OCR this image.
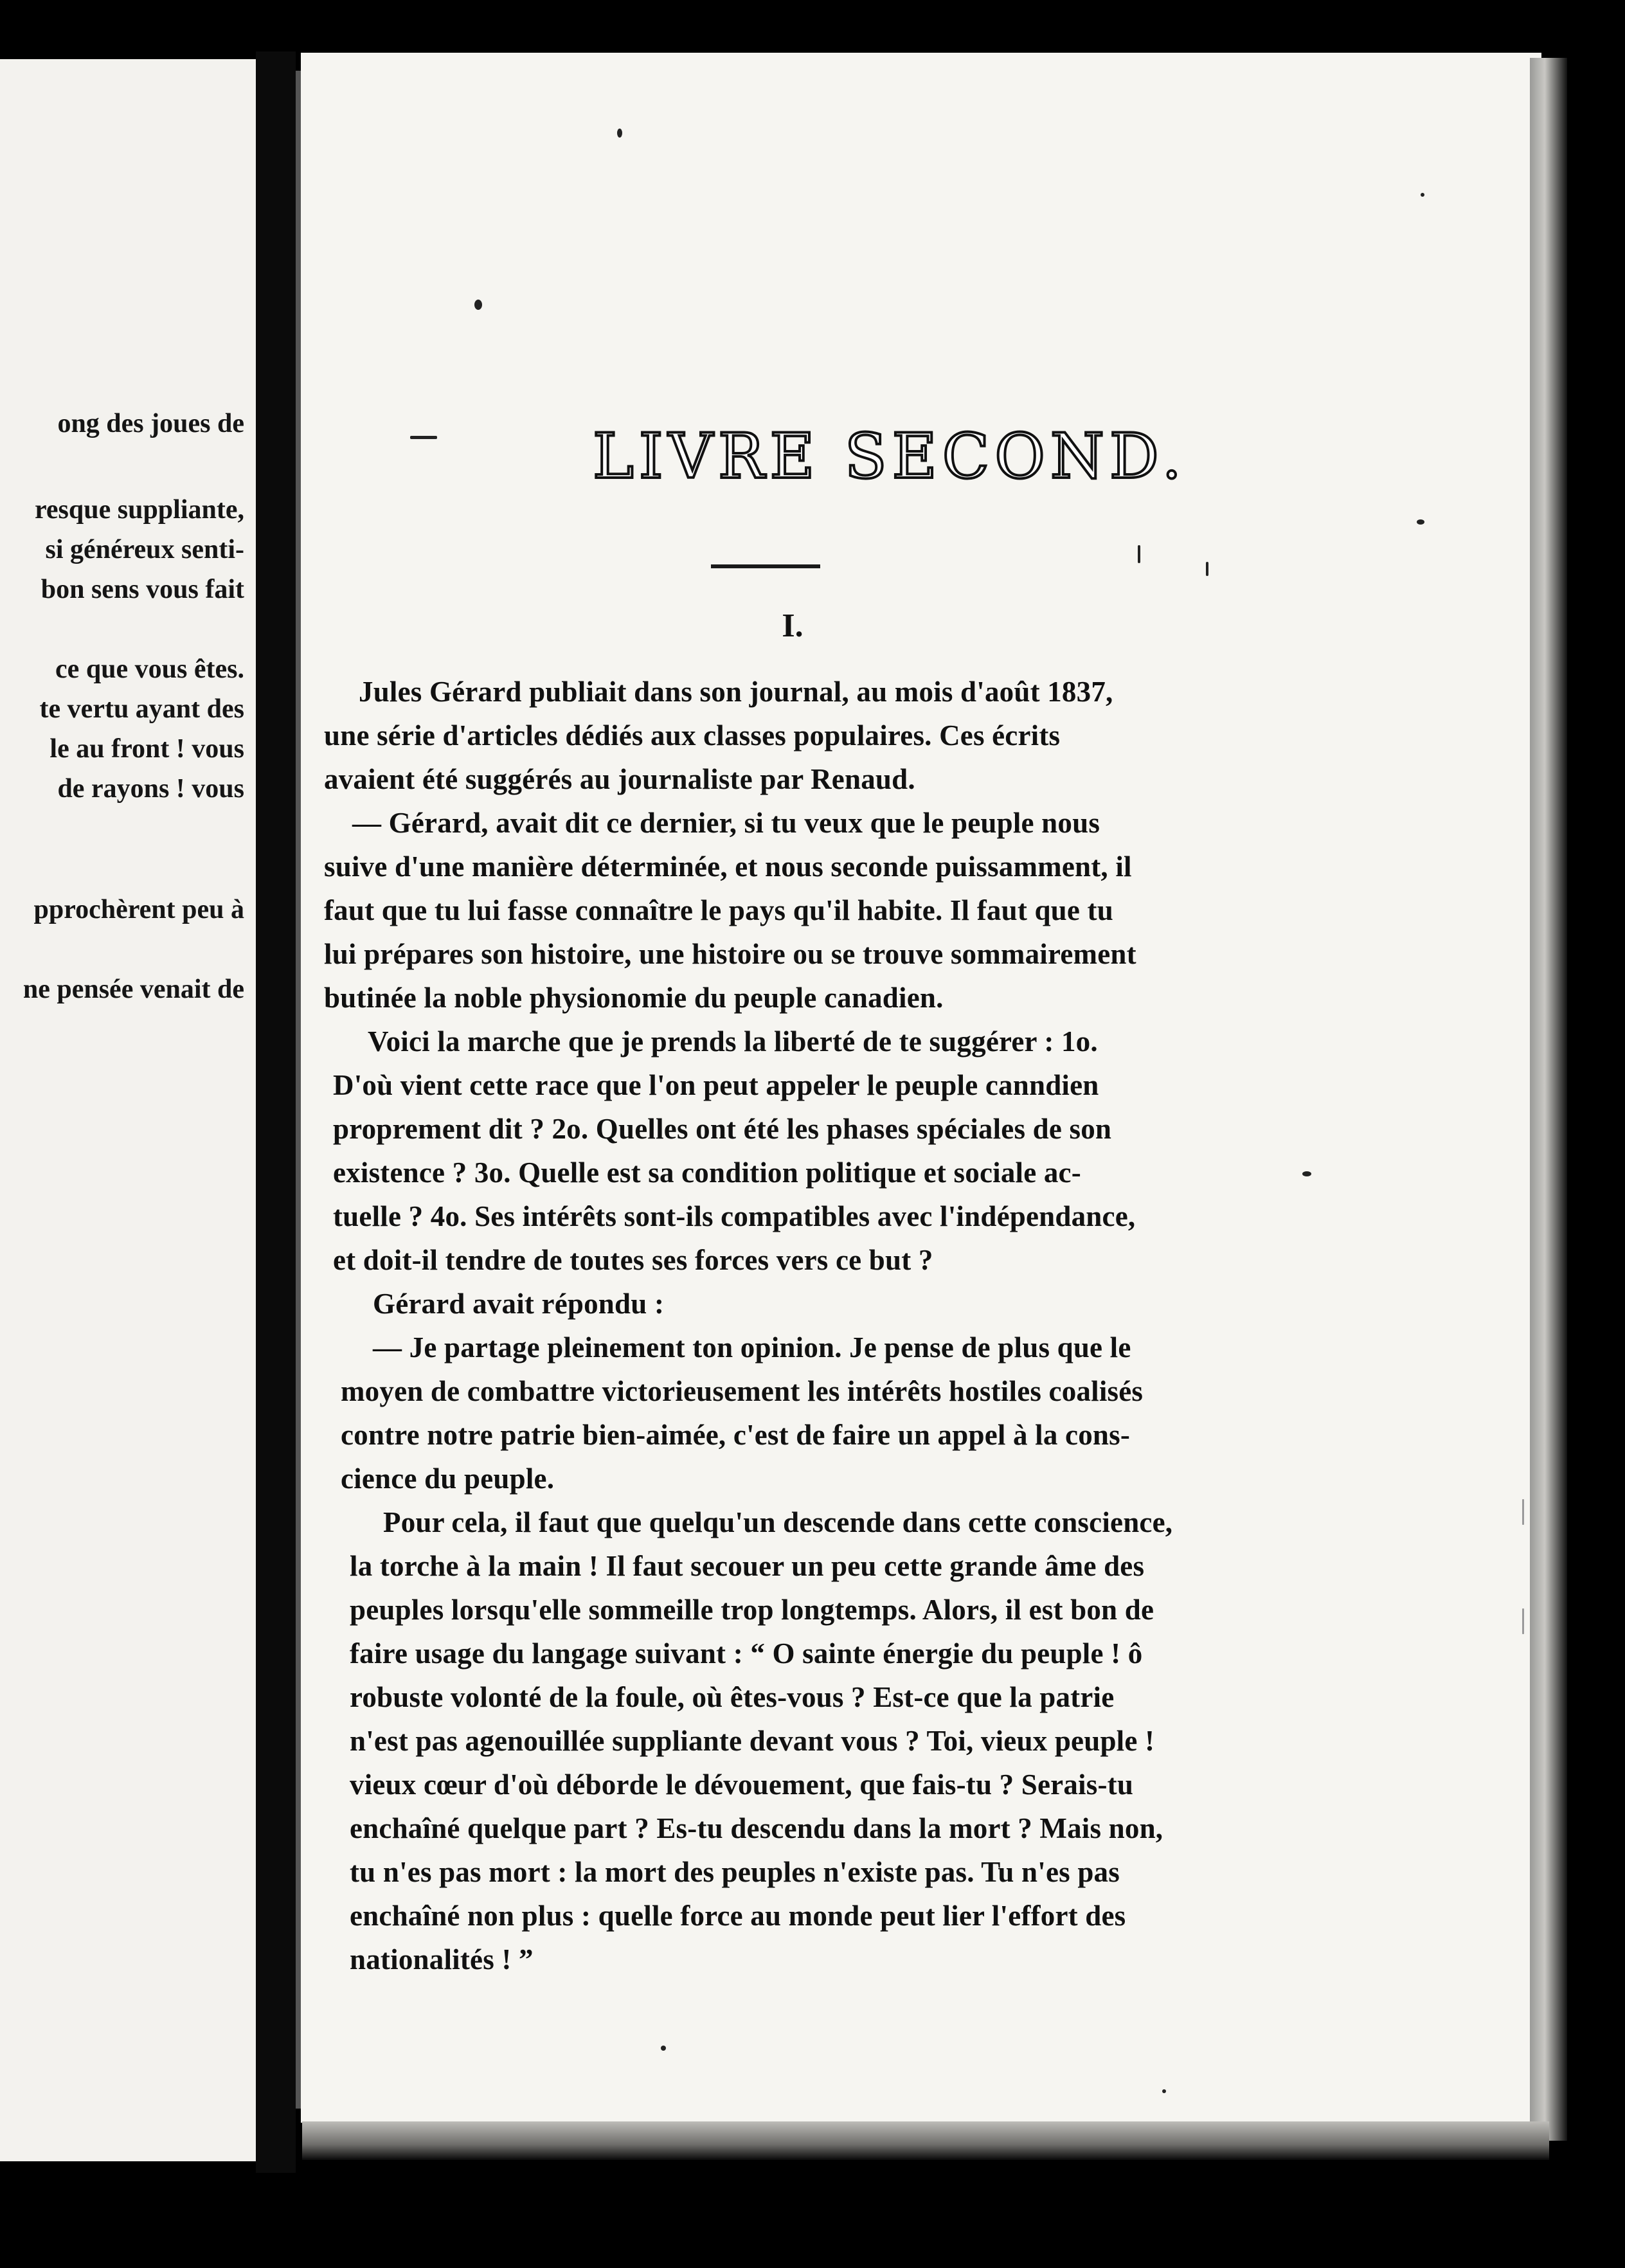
ong des joues de
resque suppliante,
si généreux senti-
bon sens vous fait
ce que vous êtes.
te vertu ayant des
le au front ! vous
de rayons ! vous
pprochèrent peu à
ne pensée venait de
LIVRE SECOND.
I.
Jules Gérard publiait dans son journal, au mois d'août 1837,
une série d'articles dédiés aux classes populaires. Ces écrits
avaient été suggérés au journaliste par Renaud.
— Gérard, avait dit ce dernier, si tu veux que le peuple nous
suive d'une manière déterminée, et nous seconde puissamment, il
faut que tu lui fasse connaître le pays qu'il habite. Il faut que tu
lui prépares son histoire, une histoire ou se trouve sommairement
butinée la noble physionomie du peuple canadien.
Voici la marche que je prends la liberté de te suggérer : 1o.
D'où vient cette race que l'on peut appeler le peuple canndien
proprement dit ? 2o. Quelles ont été les phases spéciales de son
existence ? 3o. Quelle est sa condition politique et sociale ac-
tuelle ? 4o. Ses intérêts sont-ils compatibles avec l'indépendance,
et doit-il tendre de toutes ses forces vers ce but ?
Gérard avait répondu :
— Je partage pleinement ton opinion. Je pense de plus que le
moyen de combattre victorieusement les intérêts hostiles coalisés
contre notre patrie bien-aimée, c'est de faire un appel à la cons-
cience du peuple.
Pour cela, il faut que quelqu'un descende dans cette conscience,
la torche à la main ! Il faut secouer un peu cette grande âme des
peuples lorsqu'elle sommeille trop longtemps. Alors, il est bon de
faire usage du langage suivant : “ O sainte énergie du peuple ! ô
robuste volonté de la foule, où êtes-vous ? Est-ce que la patrie
n'est pas agenouillée suppliante devant vous ? Toi, vieux peuple !
vieux cœur d'où déborde le dévouement, que fais-tu ? Serais-tu
enchaîné quelque part ? Es-tu descendu dans la mort ? Mais non,
tu n'es pas mort : la mort des peuples n'existe pas. Tu n'es pas
enchaîné non plus : quelle force au monde peut lier l'effort des
nationalités ! ”
